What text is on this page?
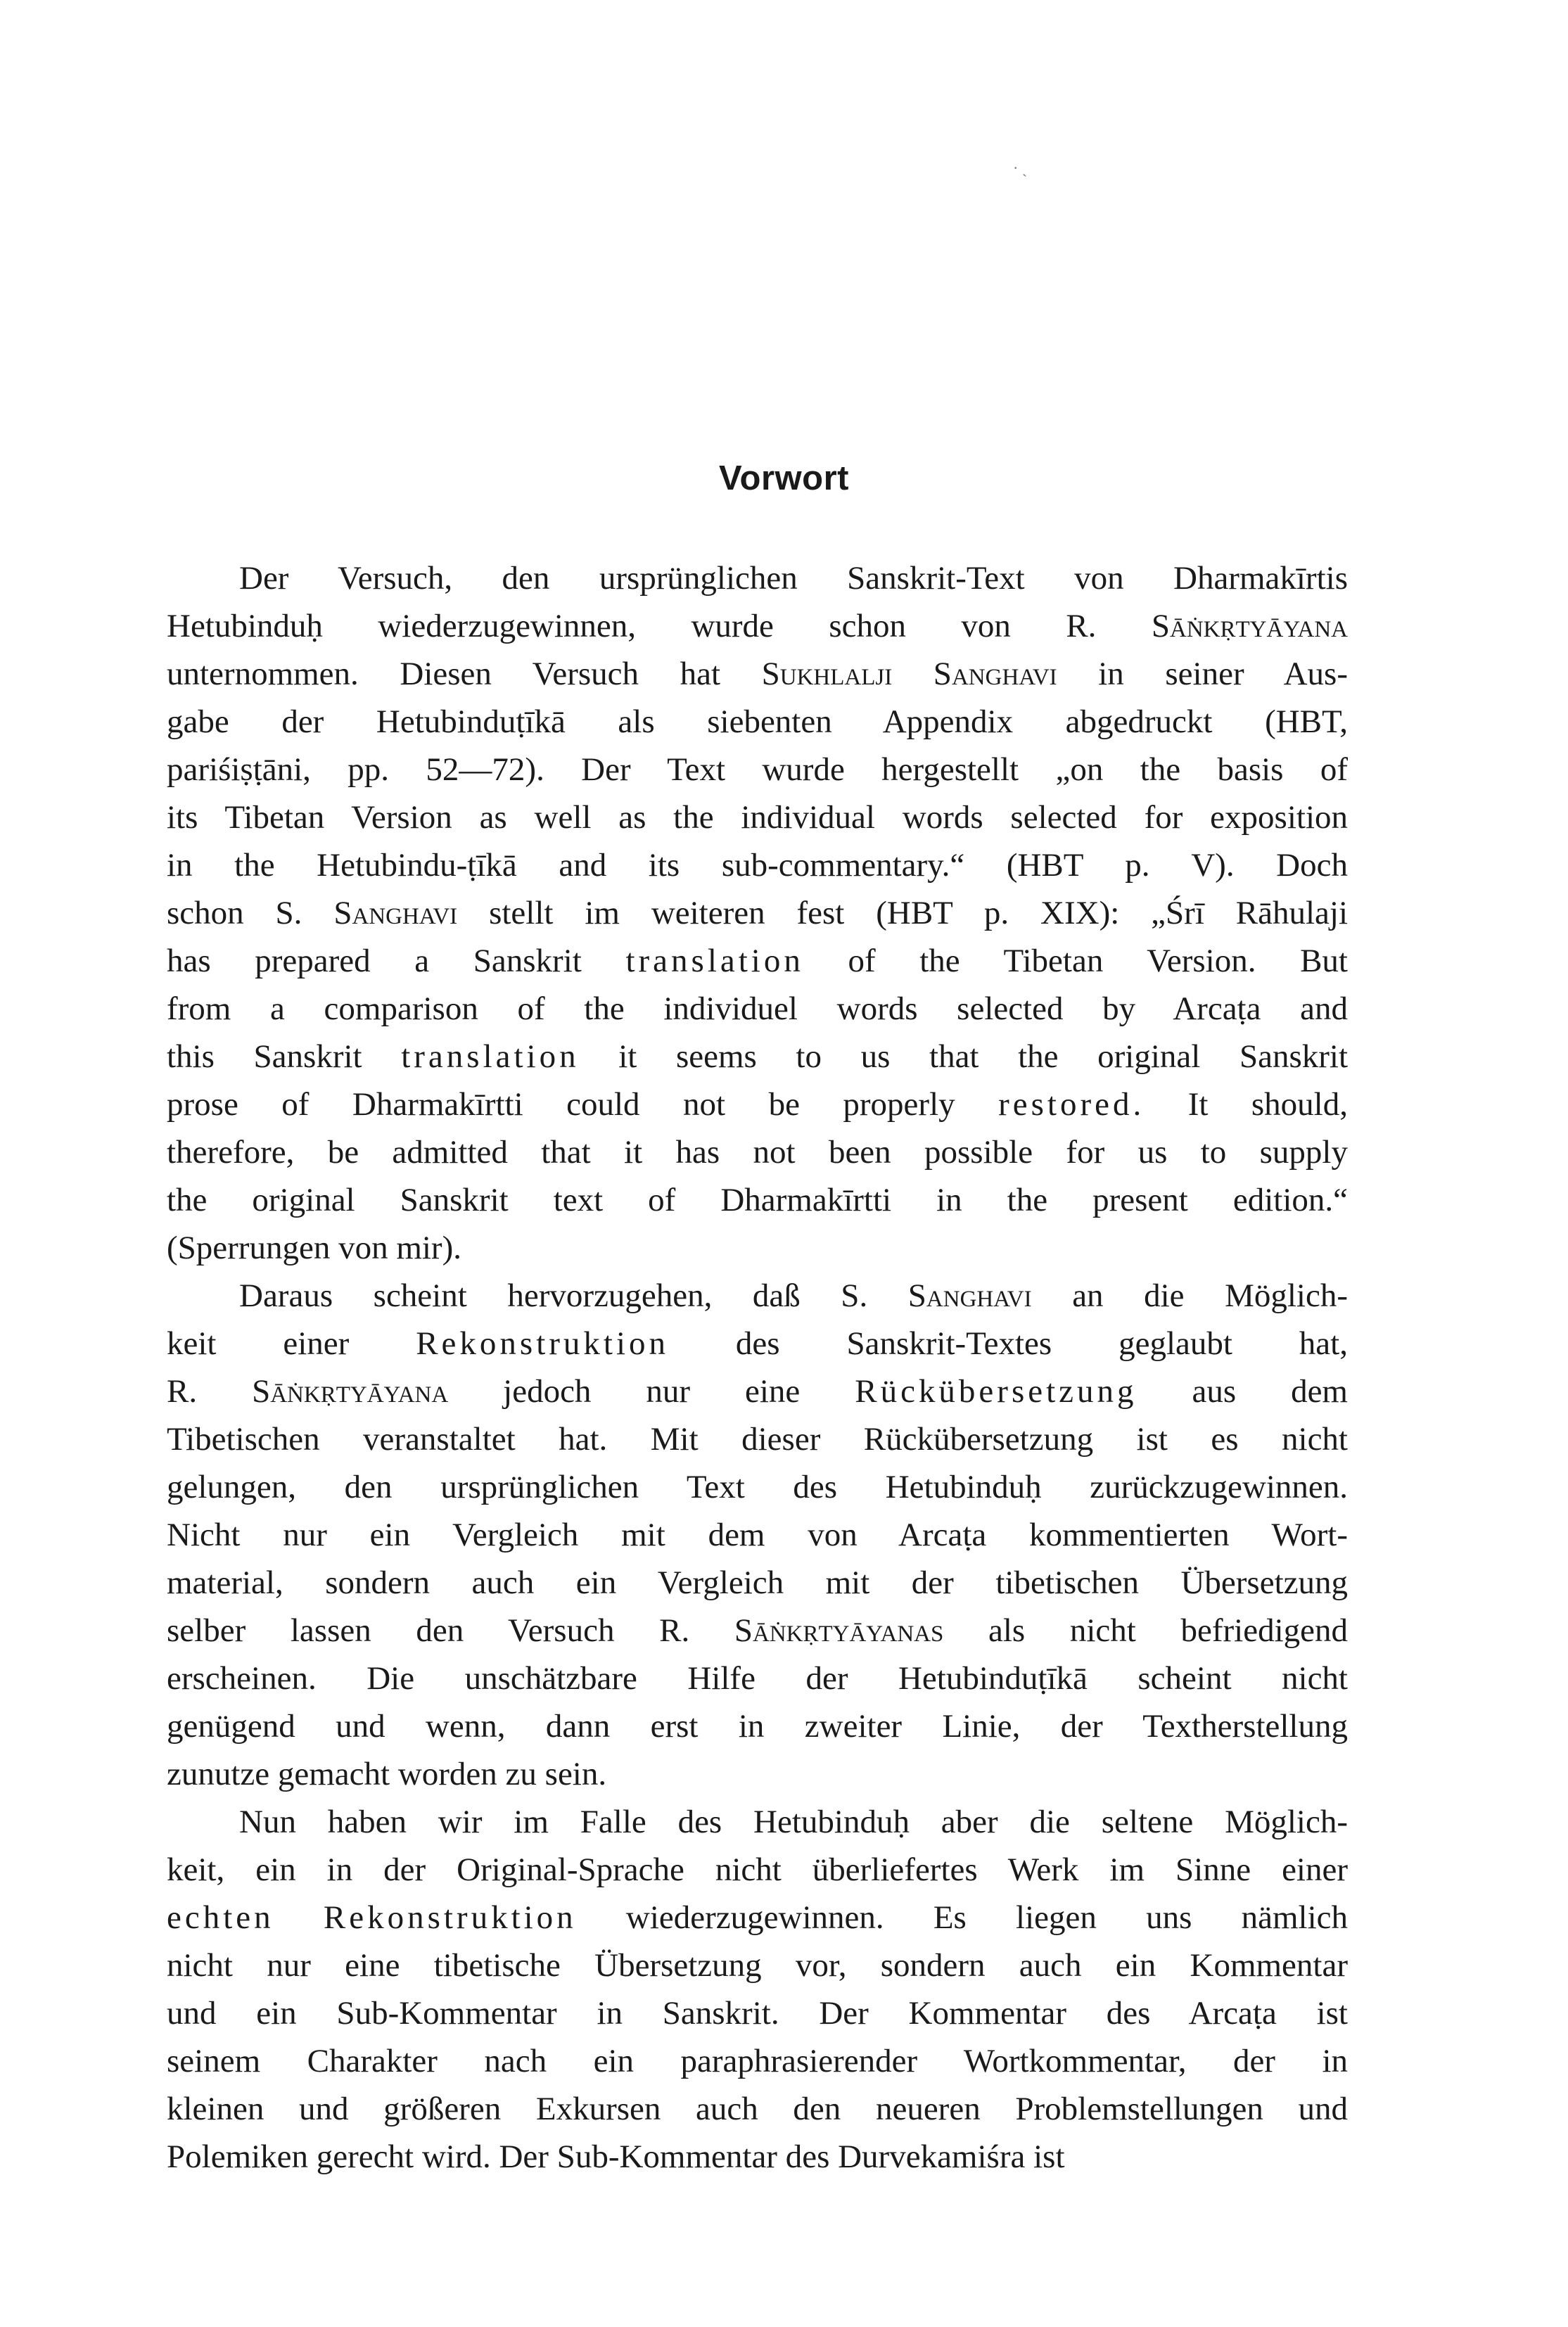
· ˏ
Vorwort
Der Versuch, den ursprünglichen Sanskrit-Text von Dharmakīrtis
Hetubinduḥ wiederzugewinnen, wurde schon von R. Sāṅkṛtyāyana
unternommen. Diesen Versuch hat Sukhlalji Sanghavi in seiner Aus-
gabe der Hetubinduṭīkā als siebenten Appendix abgedruckt (HBT,
pariśiṣṭāni, pp. 52—72). Der Text wurde hergestellt „on the basis of
its Tibetan Version as well as the individual words selected for exposition
in the Hetubindu-ṭīkā and its sub-commentary.“ (HBT p. V). Doch
schon S. Sanghavi stellt im weiteren fest (HBT p. XIX): „Śrī Rāhulaji
has prepared a Sanskrit translation of the Tibetan Version. But
from a comparison of the individuel words selected by Arcaṭa and
this Sanskrit translation it seems to us that the original Sanskrit
prose of Dharmakīrtti could not be properly restored. It should,
therefore, be admitted that it has not been possible for us to supply
the original Sanskrit text of Dharmakīrtti in the present edition.“
(Sperrungen von mir).
Daraus scheint hervorzugehen, daß S. Sanghavi an die Möglich-
keit einer Rekonstruktion des Sanskrit-Textes geglaubt hat,
R. Sāṅkṛtyāyana jedoch nur eine Rückübersetzung aus dem
Tibetischen veranstaltet hat. Mit dieser Rückübersetzung ist es nicht
gelungen, den ursprünglichen Text des Hetubinduḥ zurückzugewinnen.
Nicht nur ein Vergleich mit dem von Arcaṭa kommentierten Wort-
material, sondern auch ein Vergleich mit der tibetischen Übersetzung
selber lassen den Versuch R. Sāṅkṛtyāyanas als nicht befriedigend
erscheinen. Die unschätzbare Hilfe der Hetubinduṭīkā scheint nicht
genügend und wenn, dann erst in zweiter Linie, der Textherstellung
zunutze gemacht worden zu sein.
Nun haben wir im Falle des Hetubinduḥ aber die seltene Möglich-
keit, ein in der Original-Sprache nicht überliefertes Werk im Sinne einer
echten Rekonstruktion wiederzugewinnen. Es liegen uns nämlich
nicht nur eine tibetische Übersetzung vor, sondern auch ein Kommentar
und ein Sub-Kommentar in Sanskrit. Der Kommentar des Arcaṭa ist
seinem Charakter nach ein paraphrasierender Wortkommentar, der in
kleinen und größeren Exkursen auch den neueren Problemstellungen und
Polemiken gerecht wird. Der Sub-Kommentar des Durvekamiśra ist
